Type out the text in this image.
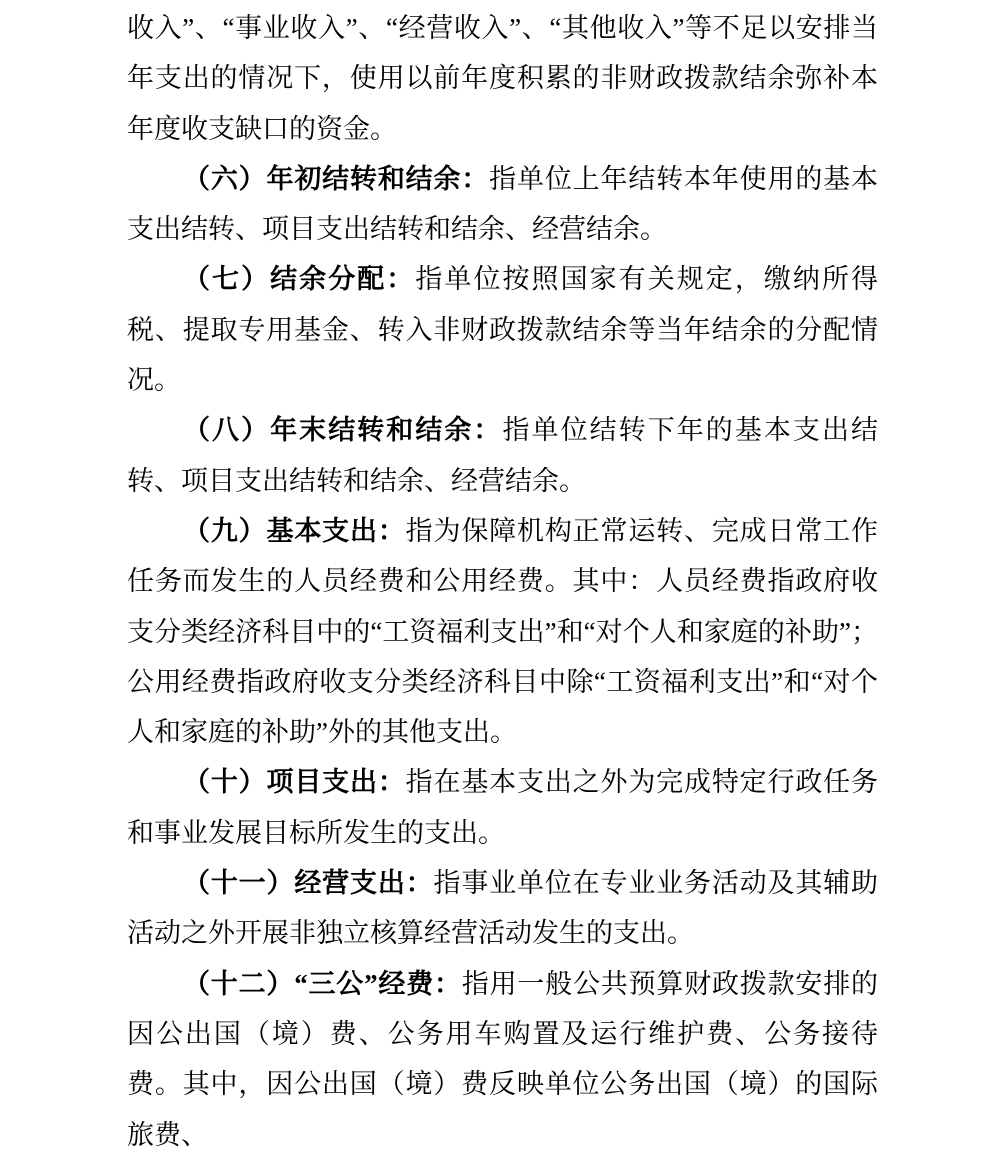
收入”、“事业收入”、“经营收入”、“其他收入”等不足以安排当年支出的情况下，使用以前年度积累的非财政拨款结余弥补本年度收支缺口的资金。

（六）年初结转和结余：指单位上年结转本年使用的基本支出结转、项目支出结转和结余、经营结余。

（七）结余分配：指单位按照国家有关规定，缴纳所得税、提取专用基金、转入非财政拨款结余等当年结余的分配情况。

（八）年末结转和结余：指单位结转下年的基本支出结转、项目支出结转和结余、经营结余。

（九）基本支出：指为保障机构正常运转、完成日常工作任务而发生的人员经费和公用经费。其中：人员经费指政府收支分类经济科目中的“工资福利支出”和“对个人和家庭的补助”；公用经费指政府收支分类经济科目中除“工资福利支出”和“对个人和家庭的补助”外的其他支出。

（十）项目支出：指在基本支出之外为完成特定行政任务和事业发展目标所发生的支出。

（十一）经营支出：指事业单位在专业业务活动及其辅助活动之外开展非独立核算经营活动发生的支出。

（十二）“三公”经费：指用一般公共预算财政拨款安排的因公出国（境）费、公务用车购置及运行维护费、公务接待费。其中，因公出国（境）费反映单位公务出国（境）的国际旅费、
